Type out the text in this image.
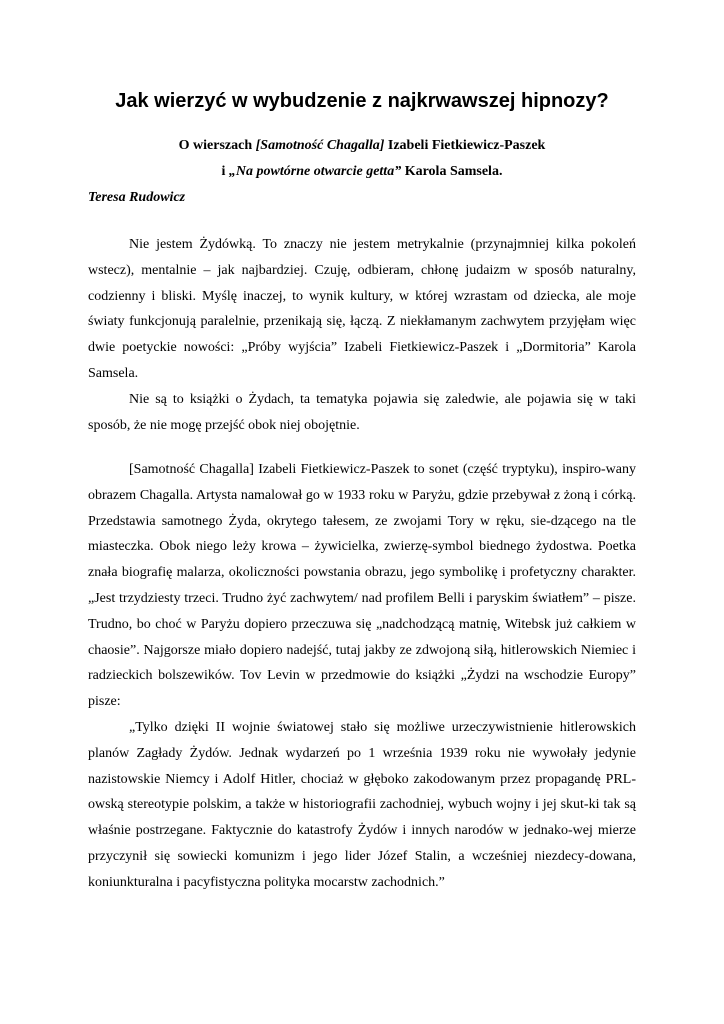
Jak wierzyć w wybudzenie z najkrwawszej hipnozy?
O wierszach [Samotność Chagalla] Izabeli Fietkiewicz-Paszek
i „Na powtórne otwarcie getta” Karola Samsela.

Teresa Rudowicz

Nie jestem Żydówką. To znaczy nie jestem metrykalnie (przynajmniej kilka pokoleń wstecz), mentalnie – jak najbardziej. Czuję, odbieram, chłonę judaizm w sposób naturalny, codzienny i bliski. Myślę inaczej, to wynik kultury, w której wzrastam od dziecka, ale moje światy funkcjonują paralelnie, przenikają się, łączą. Z niekłamanym zachwytem przyjęłam więc dwie poetyckie nowości: „Próby wyjścia” Izabeli Fietkiewicz-Paszek i „Dormitoria” Karola Samsela.

Nie są to książki o Żydach, ta tematyka pojawia się zaledwie, ale pojawia się w taki sposób, że nie mogę przejść obok niej obojętnie.

[Samotność Chagalla] Izabeli Fietkiewicz-Paszek to sonet (część tryptyku), inspiro-wany obrazem Chagalla. Artysta namalował go w 1933 roku w Paryżu, gdzie przebywał z żoną i córką. Przedstawia samotnego Żyda, okrytego tałesem, ze zwojami Tory w ręku, sie-dzącego na tle miasteczka. Obok niego leży krowa – żywicielka, zwierzę-symbol biednego żydostwa. Poetka znała biografię malarza, okoliczności powstania obrazu, jego symbolikę i profetyczny charakter. „Jest trzydziesty trzeci. Trudno żyć zachwytem/ nad profilem Belli i paryskim światłem” – pisze. Trudno, bo choć w Paryżu dopiero przeczuwa się „nadchodzącą matnię, Witebsk już całkiem w chaosie”. Najgorsze miało dopiero nadejść, tutaj jakby ze zdwojoną siłą, hitlerowskich Niemiec i radzieckich bolszewików. Tov Levin w przedmowie do książki „Żydzi na wschodzie Europy” pisze:

„Tylko dzięki II wojnie światowej stało się możliwe urzeczywistnienie hitlerowskich planów Zagłady Żydów. Jednak wydarzeń po 1 września 1939 roku nie wywołały jedynie nazistowskie Niemcy i Adolf Hitler, chociaż w głęboko zakodowanym przez propagandę PRL-owską stereotypie polskim, a także w historiografii zachodniej, wybuch wojny i jej skut-ki tak są właśnie postrzegane. Faktycznie do katastrofy Żydów i innych narodów w jednako-wej mierze przyczynił się sowiecki komunizm i jego lider Józef Stalin, a wcześniej niezdecy-dowana, koniunkturalna i pacyfistyczna polityka mocarstw zachodnich.”
